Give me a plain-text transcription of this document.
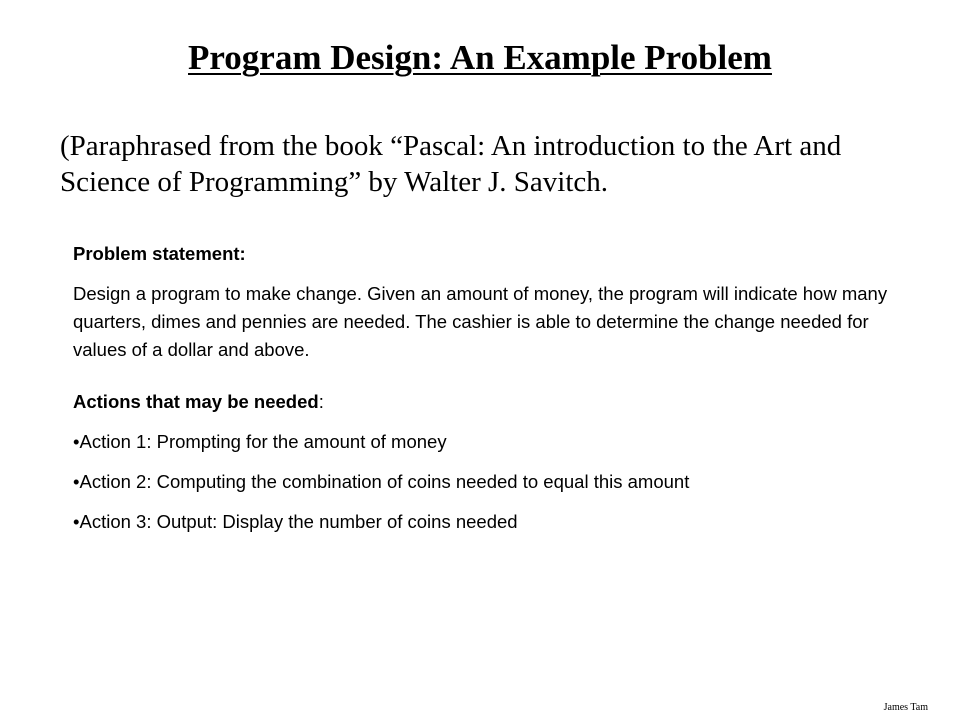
Program Design: An Example Problem
(Paraphrased from the book “Pascal: An introduction to the Art and Science of Programming” by Walter J. Savitch.
Problem statement:
Design a program to make change. Given an amount of money, the program will indicate how many quarters, dimes and pennies are needed. The cashier is able to determine the change needed for values of a dollar and above.
Actions that may be needed:
•Action 1: Prompting for the amount of money
•Action 2: Computing the combination of coins needed to equal this amount
•Action 3: Output: Display the number of coins needed
James Tam
